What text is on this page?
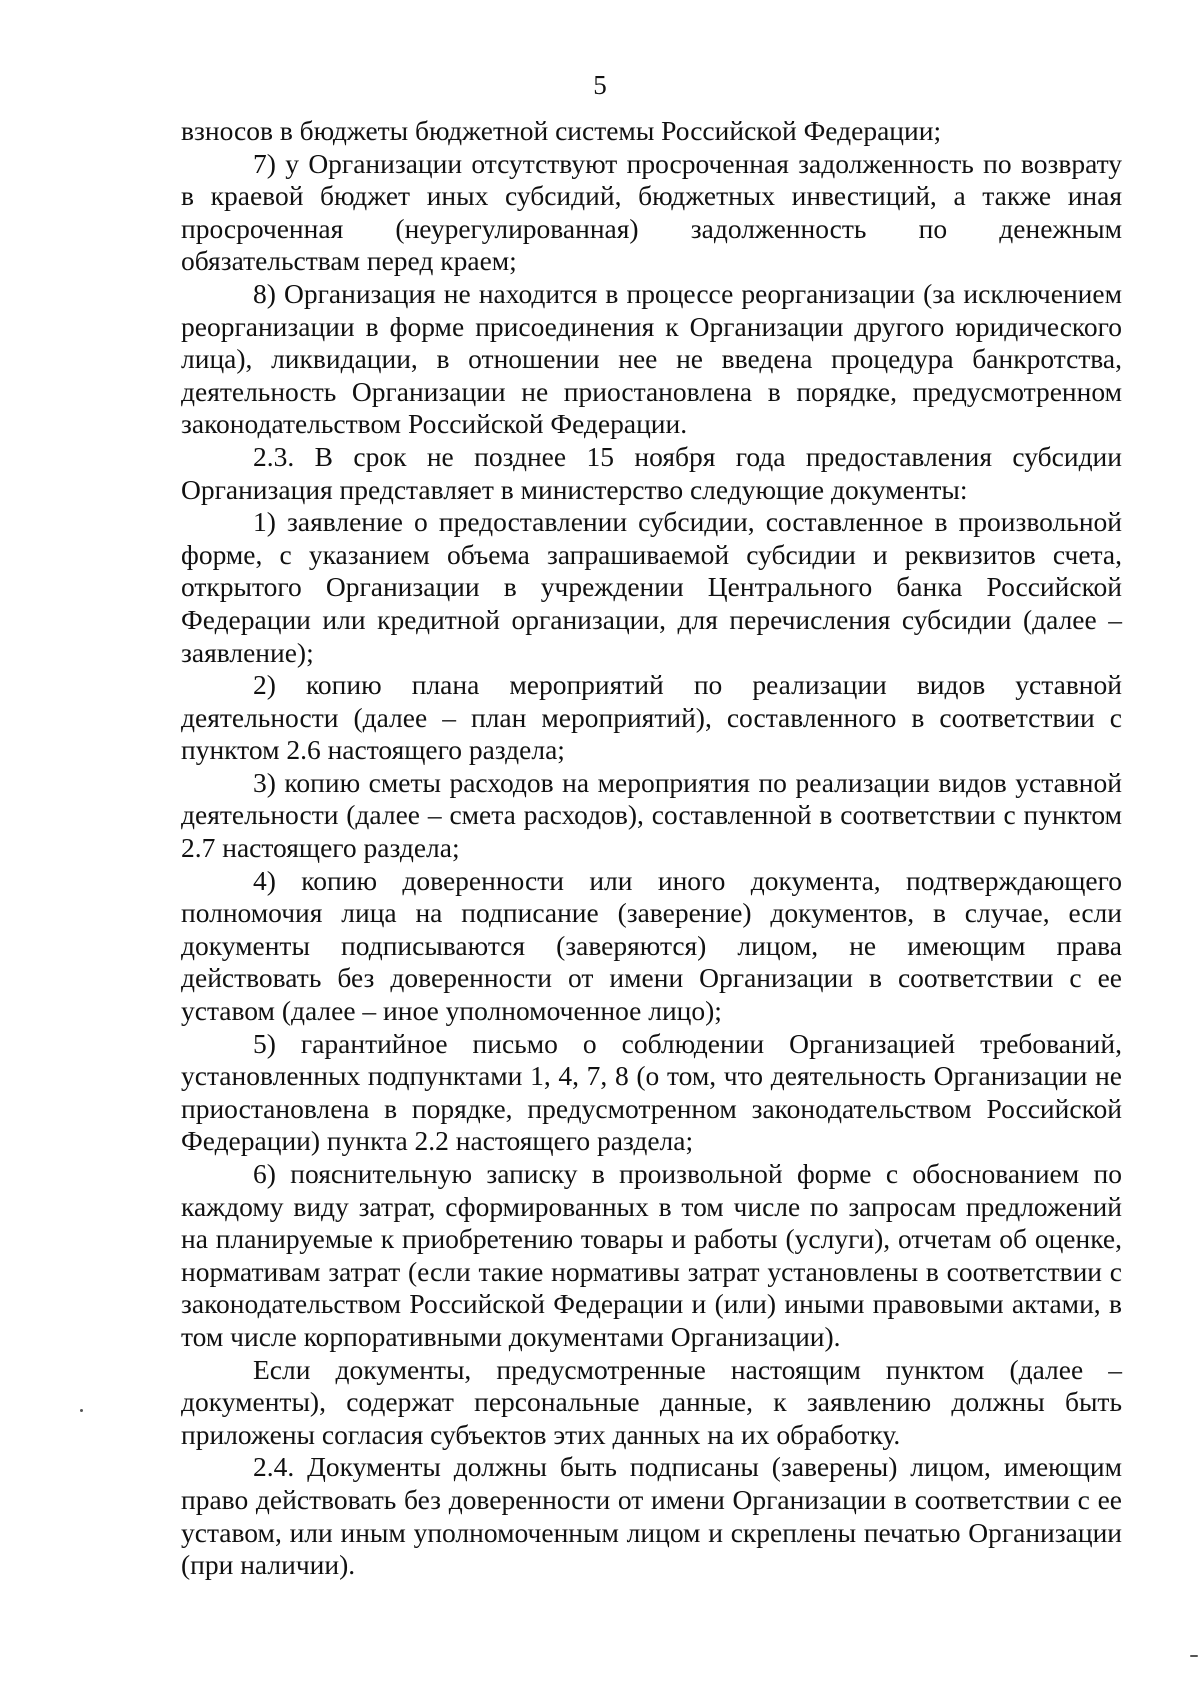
5

взносов в бюджеты бюджетной системы Российской Федерации;

7) у Организации отсутствуют просроченная задолженность по возврату в краевой бюджет иных субсидий, бюджетных инвестиций, а также иная просроченная (неурегулированная) задолженность по денежным обязательствам перед краем;

8) Организация не находится в процессе реорганизации (за исключением реорганизации в форме присоединения к Организации другого юридического лица), ликвидации, в отношении нее не введена процедура банкротства, деятельность Организации не приостановлена в порядке, предусмотренном законодательством Российской Федерации.

2.3. В срок не позднее 15 ноября года предоставления субсидии Организация представляет в министерство следующие документы:

1) заявление о предоставлении субсидии, составленное в произвольной форме, с указанием объема запрашиваемой субсидии и реквизитов счета, открытого Организации в учреждении Центрального банка Российской Федерации или кредитной организации, для перечисления субсидии (далее – заявление);

2) копию плана мероприятий по реализации видов уставной деятельности (далее – план мероприятий), составленного в соответствии с пунктом 2.6 настоящего раздела;

3) копию сметы расходов на мероприятия по реализации видов уставной деятельности (далее – смета расходов), составленной в соответствии с пунктом 2.7 настоящего раздела;

4) копию доверенности или иного документа, подтверждающего полномочия лица на подписание (заверение) документов, в случае, если документы подписываются (заверяются) лицом, не имеющим права действовать без доверенности от имени Организации в соответствии с ее уставом (далее – иное уполномоченное лицо);

5) гарантийное письмо о соблюдении Организацией требований, установленных подпунктами 1, 4, 7, 8 (о том, что деятельность Организации не приостановлена в порядке, предусмотренном законодательством Российской Федерации) пункта 2.2 настоящего раздела;

6) пояснительную записку в произвольной форме с обоснованием по каждому виду затрат, сформированных в том числе по запросам предложений на планируемые к приобретению товары и работы (услуги), отчетам об оценке, нормативам затрат (если такие нормативы затрат установлены в соответствии с законодательством Российской Федерации и (или) иными правовыми актами, в том числе корпоративными документами Организации).

Если документы, предусмотренные настоящим пунктом (далее – документы), содержат персональные данные, к заявлению должны быть приложены согласия субъектов этих данных на их обработку.

2.4. Документы должны быть подписаны (заверены) лицом, имеющим право действовать без доверенности от имени Организации в соответствии с ее уставом, или иным уполномоченным лицом и скреплены печатью Организации (при наличии).
